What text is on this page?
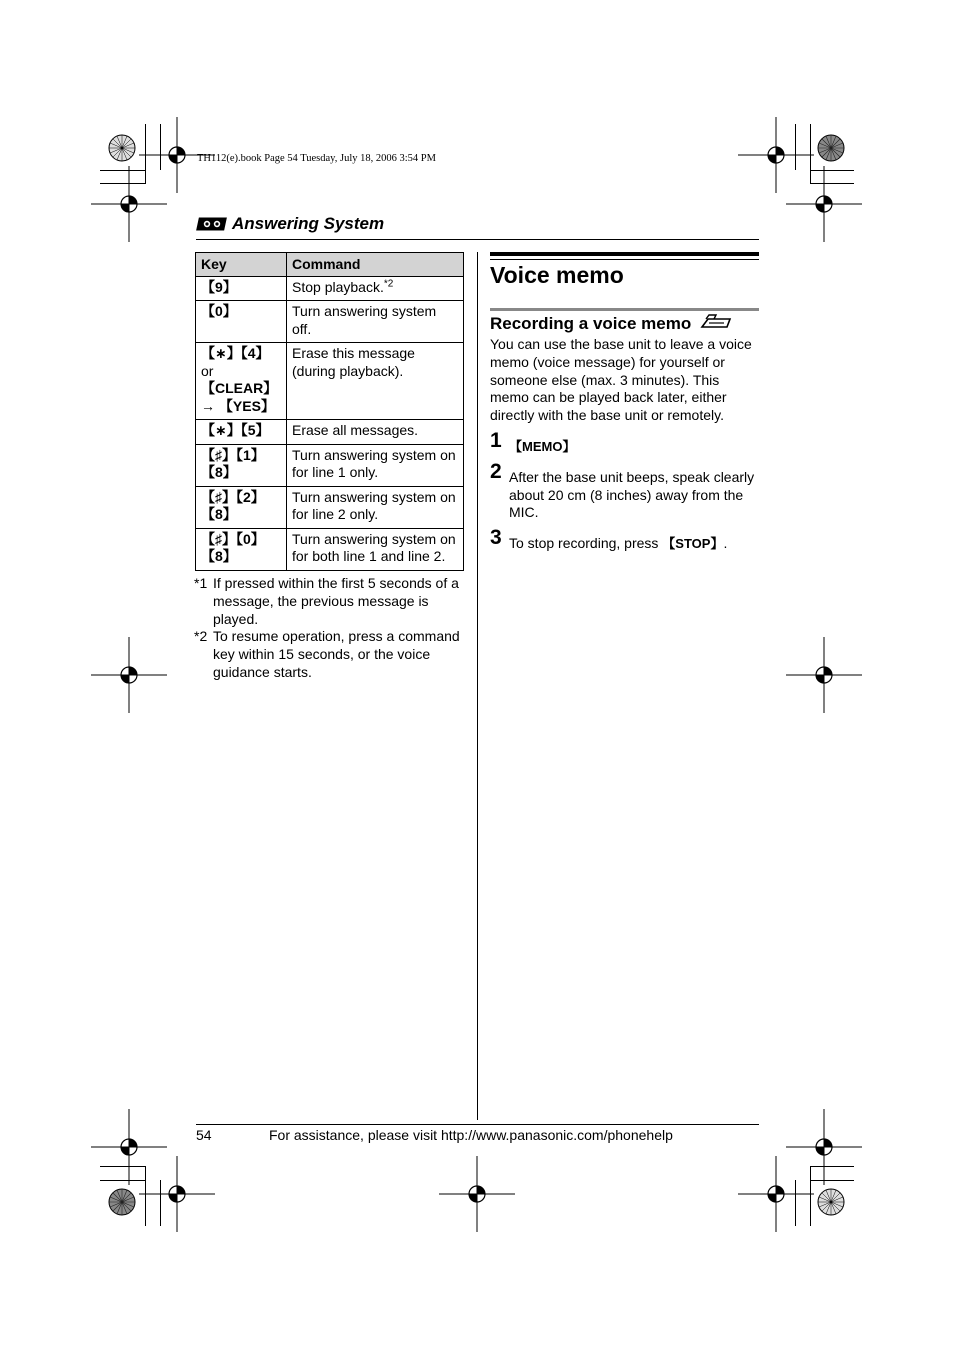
TH112(e).book Page 54 Tuesday, July 18, 2006 3:54 PM
Answering System
Key	Command
【9】	Stop playback.$^{*2}$
【0】	Turn answering system off.
【∗】【4】 or
【CLEAR】
→ 【YES】	Erase this message (during playback).
【∗】【5】	Erase all messages.
【♯】【1】【8】	Turn answering system on for line 1 only.
【♯】【2】【8】	Turn answering system on for line 2 only.
【♯】【0】【8】	Turn answering system on for both line 1 and line 2.
*1 If pressed within the first 5 seconds of a message, the previous message is played.
*2 To resume operation, press a command key within 15 seconds, or the voice guidance starts.
Voice memo
Recording a voice memo
You can use the base unit to leave a voice memo (voice message) for yourself or someone else (max. 3 minutes). This memo can be played back later, either directly with the base unit or remotely.
1 【MEMO】
2 After the base unit beeps, speak clearly about 20 cm (8 inches) away from the MIC.
3 To stop recording, press 【STOP】.
54	For assistance, please visit http://www.panasonic.com/phonehelp
